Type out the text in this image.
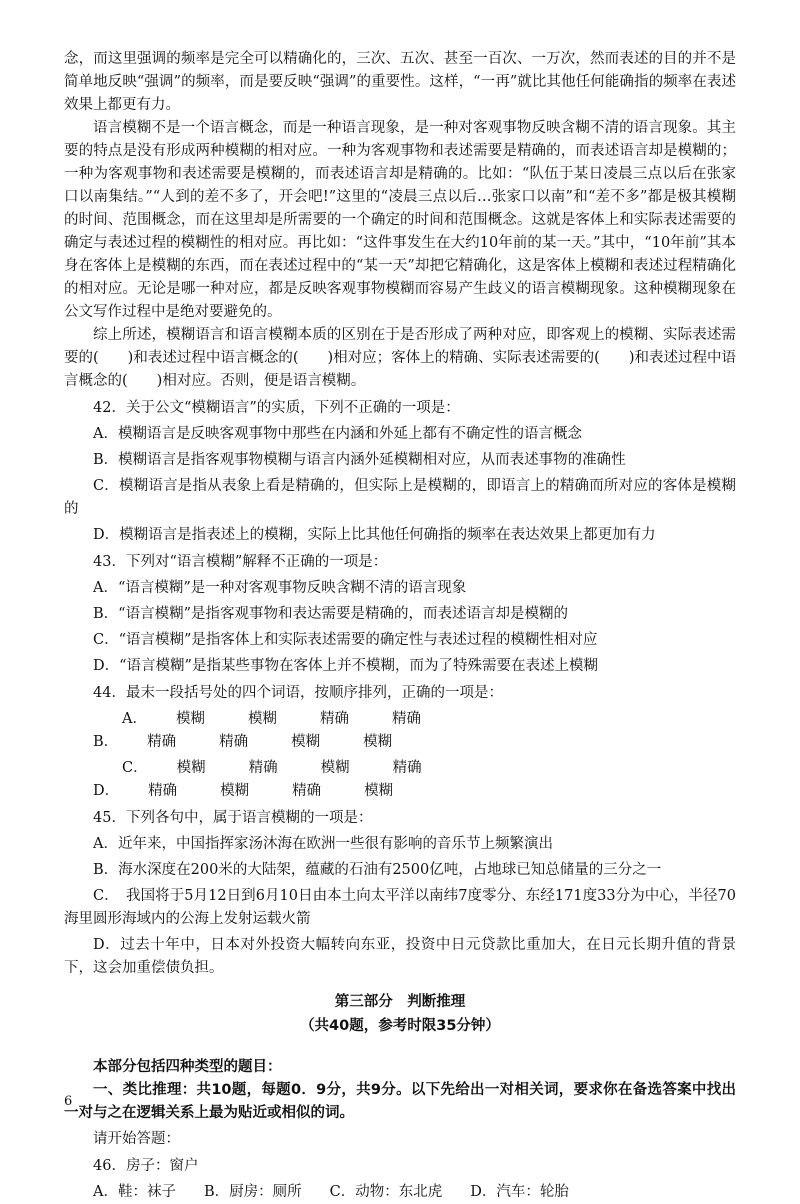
念，而这里强调的频率是完全可以精确化的，三次、五次、甚至一百次、一万次，然而表述的目的并不是简单地反映“强调”的频率，而是要反映“强调”的重要性。这样，“一再”就比其他任何能确指的频率在表述效果上都更有力。

语言模糊不是一个语言概念，而是一种语言现象，是一种对客观事物反映含糊不清的语言现象。其主要的特点是没有形成两种模糊的相对应。一种为客观事物和表述需要是精确的，而表述语言却是模糊的；一种为客观事物和表述需要是模糊的，而表述语言却是精确的。比如：“队伍于某日凌晨三点以后在张家口以南集结。”“人到的差不多了，开会吧!”这里的“凌晨三点以后…张家口以南”和“差不多”都是极其模糊的时间、范围概念，而在这里却是所需要的一个确定的时间和范围概念。这就是客体上和实际表述需要的确定与表述过程的模糊性的相对应。再比如：“这件事发生在大约10年前的某一天。”其中，“10年前”其本身在客体上是模糊的东西，而在表述过程中的“某一天”却把它精确化，这是客体上模糊和表述过程精确化的相对应。无论是哪一种对应，都是反映客观事物模糊而容易产生歧义的语言模糊现象。这种模糊现象在公文写作过程中是绝对要避免的。

综上所述，模糊语言和语言模糊本质的区别在于是否形成了两种对应，即客观上的模糊、实际表述需要的(　　)和表述过程中语言概念的(　　)相对应；客体上的精确、实际表述需要的(　　)和表述过程中语言概念的(　　)相对应。否则，便是语言模糊。

42．关于公文“模糊语言”的实质，下列不正确的一项是：

A．模糊语言是反映客观事物中那些在内涵和外延上都有不确定性的语言概念

B．模糊语言是指客观事物模糊与语言内涵外延模糊相对应，从而表述事物的准确性

C．模糊语言是指从表象上看是精确的，但实际上是模糊的，即语言上的精确而所对应的客体是模糊的

D．模糊语言是指表述上的模糊，实际上比其他任何确指的频率在表达效果上都更加有力

43．下列对“语言模糊”解释不正确的一项是：

A．“语言模糊”是一种对客观事物反映含糊不清的语言现象

B．“语言模糊”是指客观事物和表达需要是精确的，而表述语言却是模糊的

C．“语言模糊”是指客体上和实际表述需要的确定性与表述过程的模糊性相对应

D．“语言模糊”是指某些事物在客体上并不模糊，而为了特殊需要在表述上模糊

44．最末一段括号处的四个词语，按顺序排列，正确的一项是：

A． 模糊	模糊	精确	精确 B． 精确	精确	模糊	模糊

C． 模糊	精确	模糊	精确 D． 精确	模糊	精确	模糊

45．下列各句中，属于语言模糊的一项是：

A．近年来，中国指挥家汤沐海在欧洲一些很有影响的音乐节上频繁演出

B．海水深度在200米的大陆架，蕴藏的石油有2500亿吨，占地球已知总储量的三分之一

C．　我国将于5月12日到6月10日由本土向太平洋以南纬7度零分、东经171度33分为中心，半径70海里圆形海域内的公海上发射运载火箭

D．过去十年中，日本对外投资大幅转向东亚，投资中日元贷款比重加大，在日元长期升值的背景下，这会加重偿债负担。

第三部分　判断推理

（共40题，参考时限35分钟）

本部分包括四种类型的题目：

一、类比推理：共10题，每题0．9分，共9分。以下先给出一对相关词，要求你在备选答案中找出一对与之在逻辑关系上最为贴近或相似的词。

请开始答题：

46．房子：窗户

A．鞋：袜子 B．厨房：厕所 C．动物：东北虎 D．汽车：轮胎

6
